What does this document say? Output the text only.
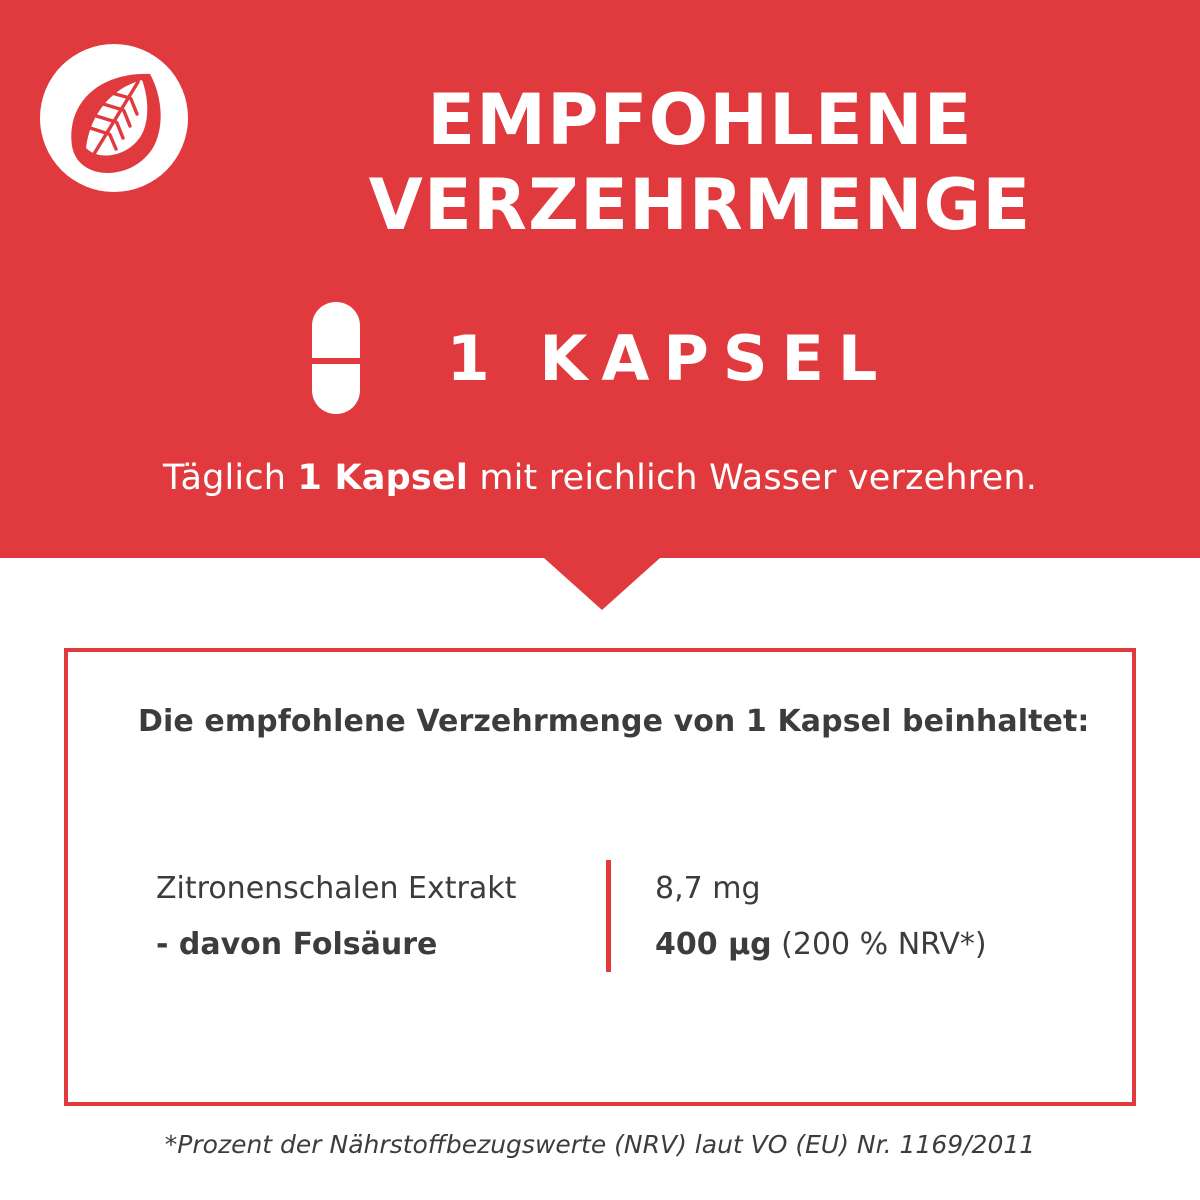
EMPFOHLENE
VERZEHRMENGE
1 KAPSEL
Täglich 1 Kapsel mit reichlich Wasser verzehren.
Die empfohlene Verzehrmenge von 1 Kapsel beinhaltet:
Zitronenschalen Extrakt	8,7 mg
- davon Folsäure	400 µg (200 % NRV*)
*Prozent der Nährstoffbezugswerte (NRV) laut VO (EU) Nr. 1169/2011
